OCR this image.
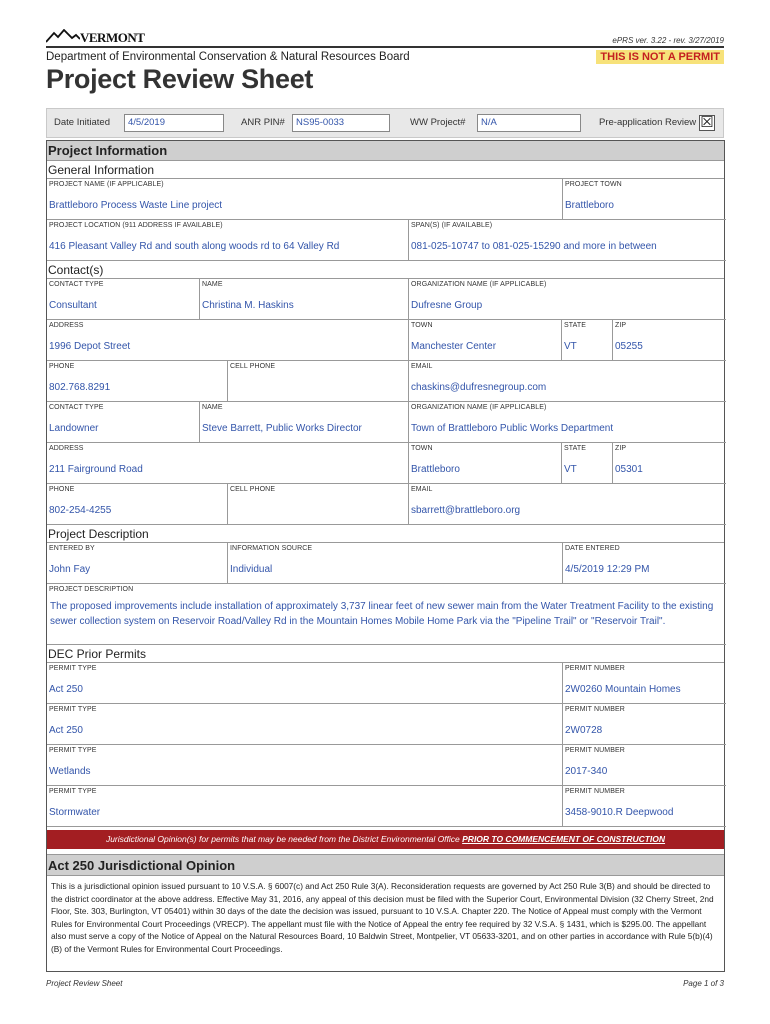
VERMONT	ePRS ver. 3.22 - rev. 3/27/2019
Department of Environmental Conservation & Natural Resources Board	THIS IS NOT A PERMIT
Project Review Sheet
Date Initiated	4/5/2019	ANR PIN#	NS95-0033	WW Project#	N/A	Pre-application Review ☒
Project Information
General Information
PROJECT NAME (IF APPLICABLE)
Brattleboro Process Waste Line project
PROJECT TOWN
Brattleboro
PROJECT LOCATION (911 ADDRESS IF AVAILABLE)
416 Pleasant Valley Rd and south along woods rd to 64 Valley Rd
SPAN(S) (IF AVAILABLE)
081-025-10747 to 081-025-15290 and more in between
Contact(s)
CONTACT TYPE
Consultant
NAME
Christina M. Haskins
ORGANIZATION NAME (IF APPLICABLE)
Dufresne Group
ADDRESS
1996 Depot Street
TOWN
Manchester Center
STATE
VT
ZIP
05255
PHONE
802.768.8291
CELL PHONE	EMAIL
chaskins@dufresnegroup.com
CONTACT TYPE
Landowner
NAME
Steve Barrett, Public Works Director
ORGANIZATION NAME (IF APPLICABLE)
Town of Brattleboro Public Works Department
ADDRESS
211 Fairground Road
TOWN
Brattleboro
STATE
VT
ZIP
05301
PHONE
802-254-4255
CELL PHONE	EMAIL
sbarrett@brattleboro.org
Project Description
ENTERED BY
John Fay
INFORMATION SOURCE
Individual
DATE ENTERED
4/5/2019 12:29 PM
PROJECT DESCRIPTION
The proposed improvements include installation of approximately 3,737 linear feet of new sewer main from the Water Treatment Facility to the existing sewer collection system on Reservoir Road/Valley Rd in the Mountain Homes Mobile Home Park via the "Pipeline Trail" or "Reservoir Trail".
DEC Prior Permits
PERMIT TYPE
Act 250
PERMIT NUMBER
2W0260 Mountain Homes
PERMIT TYPE
Act 250
PERMIT NUMBER
2W0728
PERMIT TYPE
Wetlands
PERMIT NUMBER
2017-340
PERMIT TYPE
Stormwater
PERMIT NUMBER
3458-9010.R Deepwood
Jurisdictional Opinion(s) for permits that may be needed from the District Environmental Office PRIOR TO COMMENCEMENT OF CONSTRUCTION
Act 250 Jurisdictional Opinion
This is a jurisdictional opinion issued pursuant to 10 V.S.A. § 6007(c) and Act 250 Rule 3(A). Reconsideration requests are governed by Act 250 Rule 3(B) and should be directed to the district coordinator at the above address. Effective May 31, 2016, any appeal of this decision must be filed with the Superior Court, Environmental Division (32 Cherry Street, 2nd Floor, Ste. 303, Burlington, VT 05401) within 30 days of the date the decision was issued, pursuant to 10 V.S.A. Chapter 220. The Notice of Appeal must comply with the Vermont Rules for Environmental Court Proceedings (VRECP). The appellant must file with the Notice of Appeal the entry fee required by 32 V.S.A. § 1431, which is $295.00. The appellant also must serve a copy of the Notice of Appeal on the Natural Resources Board, 10 Baldwin Street, Montpelier, VT 05633-3201, and on other parties in accordance with Rule 5(b)(4)(B) of the Vermont Rules for Environmental Court Proceedings.
Project Review Sheet	Page 1 of 3
